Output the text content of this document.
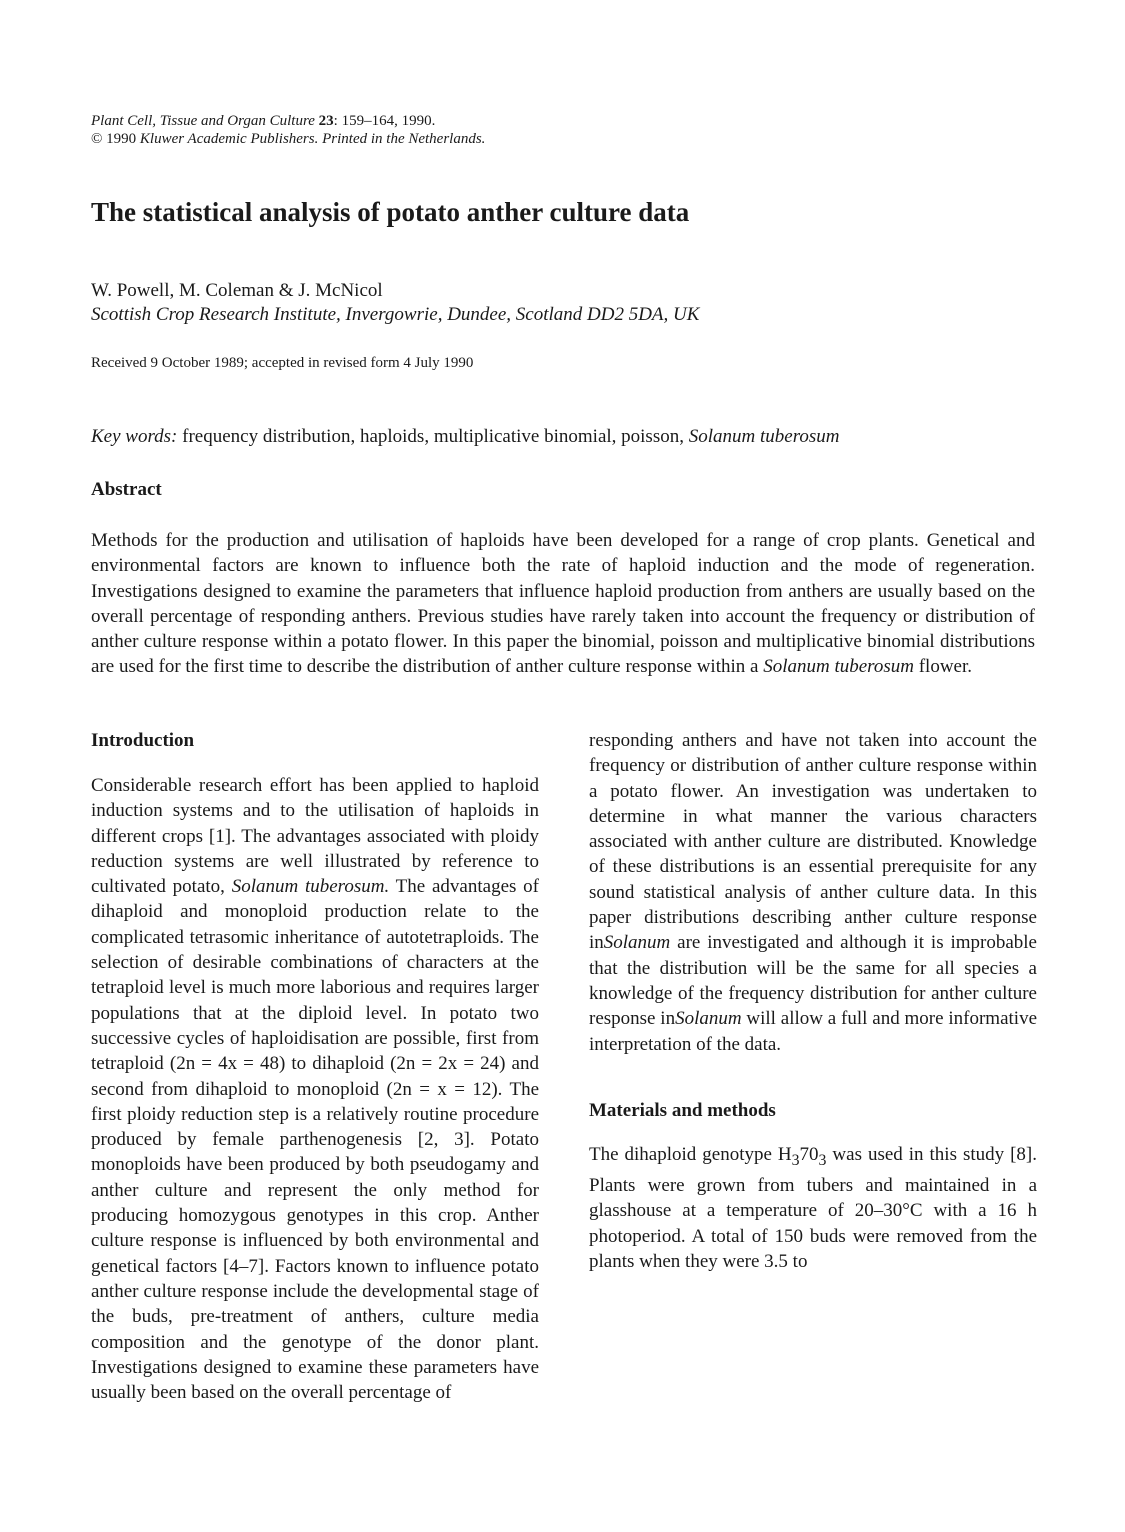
Plant Cell, Tissue and Organ Culture 23: 159–164, 1990.
© 1990 Kluwer Academic Publishers. Printed in the Netherlands.
The statistical analysis of potato anther culture data
W. Powell, M. Coleman & J. McNicol
Scottish Crop Research Institute, Invergowrie, Dundee, Scotland DD2 5DA, UK
Received 9 October 1989; accepted in revised form 4 July 1990
Key words: frequency distribution, haploids, multiplicative binomial, poisson, Solanum tuberosum
Abstract

Methods for the production and utilisation of haploids have been developed for a range of crop plants. Genetical and environmental factors are known to influence both the rate of haploid induction and the mode of regeneration. Investigations designed to examine the parameters that influence haploid production from anthers are usually based on the overall percentage of responding anthers. Previous studies have rarely taken into account the frequency or distribution of anther culture response within a potato flower. In this paper the binomial, poisson and multiplicative binomial distributions are used for the first time to describe the distribution of anther culture response within a Solanum tuberosum flower.

Introduction

Considerable research effort has been applied to haploid induction systems and to the utilisation of haploids in different crops [1]. The advantages associated with ploidy reduction systems are well illustrated by reference to cultivated potato, Solanum tuberosum. The advantages of dihaploid and monoploid production relate to the complicated tetrasomic inheritance of autotetraploids. The selection of desirable combinations of characters at the tetraploid level is much more laborious and requires larger populations that at the diploid level. In potato two successive cycles of haploidisation are possible, first from tetraploid (2n = 4x = 48) to dihaploid (2n = 2x = 24) and second from dihaploid to monoploid (2n = x = 12). The first ploidy reduction step is a relatively routine procedure produced by female parthenogenesis [2, 3]. Potato monoploids have been produced by both pseudogamy and anther culture and represent the only method for producing homozygous genotypes in this crop. Anther culture response is influenced by both environmental and genetical factors [4–7]. Factors known to influence potato anther culture response include the developmental stage of the buds, pre-treatment of anthers, culture media composition and the genotype of the donor plant. Investigations designed to examine these parameters have usually been based on the overall percentage of

responding anthers and have not taken into account the frequency or distribution of anther culture response within a potato flower. An investigation was undertaken to determine in what manner the various characters associated with anther culture are distributed. Knowledge of these distributions is an essential prerequisite for any sound statistical analysis of anther culture data. In this paper distributions describing anther culture response inSolanum are investigated and although it is improbable that the distribution will be the same for all species a knowledge of the frequency distribution for anther culture response inSolanum will allow a full and more informative interpretation of the data.

Materials and methods

The dihaploid genotype $H_370_3$ was used in this study [8]. Plants were grown from tubers and maintained in a glasshouse at a temperature of 20–30°C with a 16 h photoperiod. A total of 150 buds were removed from the plants when they were 3.5 to
